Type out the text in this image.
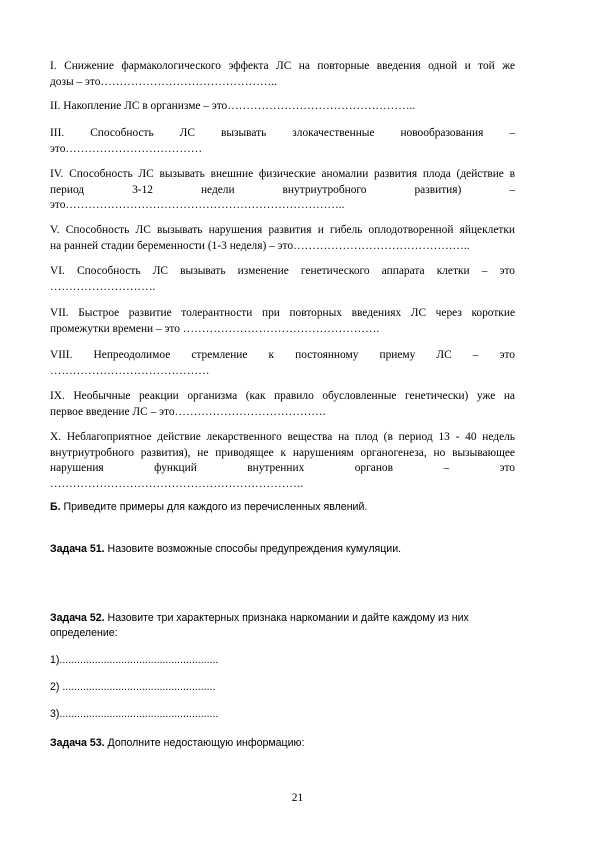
I. Снижение фармакологического эффекта ЛС на повторные введения одной и той же
дозы – это………………………………………..
II. Накопление ЛС в организме – это…………………………………………..
III. Способность ЛС вызывать злокачественные новообразования –
это………………………………
IV. Способность ЛС вызывать внешние физические аномалии развития плода (действие в
период 3-12 недели внутриутробного развития) –
это………………………………………………………………..
V. Способность ЛС вызывать нарушения развития и гибель оплодотворенной яйцеклетки
на ранней стадии беременности (1-3 неделя) – это………………………………………..
VI. Способность ЛС вызывать изменение генетического аппарата клетки – это
……………………….
VII. Быстрое развитие толерантности при повторных введениях ЛС через короткие
промежутки времени – это …………………………………………….
VIII. Непреодолимое стремление к постоянному приему ЛС – это
……………………………………
IX. Необычные реакции организма (как правило обусловленные генетически) уже на
первое введение ЛС – это………………………………….
X. Неблагоприятное действие лекарственного вещества на плод (в период 13 - 40 недель
внутриутробного развития), не приводящее к нарушениям органогенеза, но вызывающее
нарушения функций внутренних органов – это
………………………………………………………….
Б. Приведите примеры для каждого из перечисленных явлений.
Задача 51. Назовите возможные способы предупреждения кумуляции.
Задача 52. Назовите три характерных признака наркомании и дайте каждому из них
определение:
1)......................................................
2) ....................................................
3)......................................................
Задача 53. Дополните недостающую информацию:
21
